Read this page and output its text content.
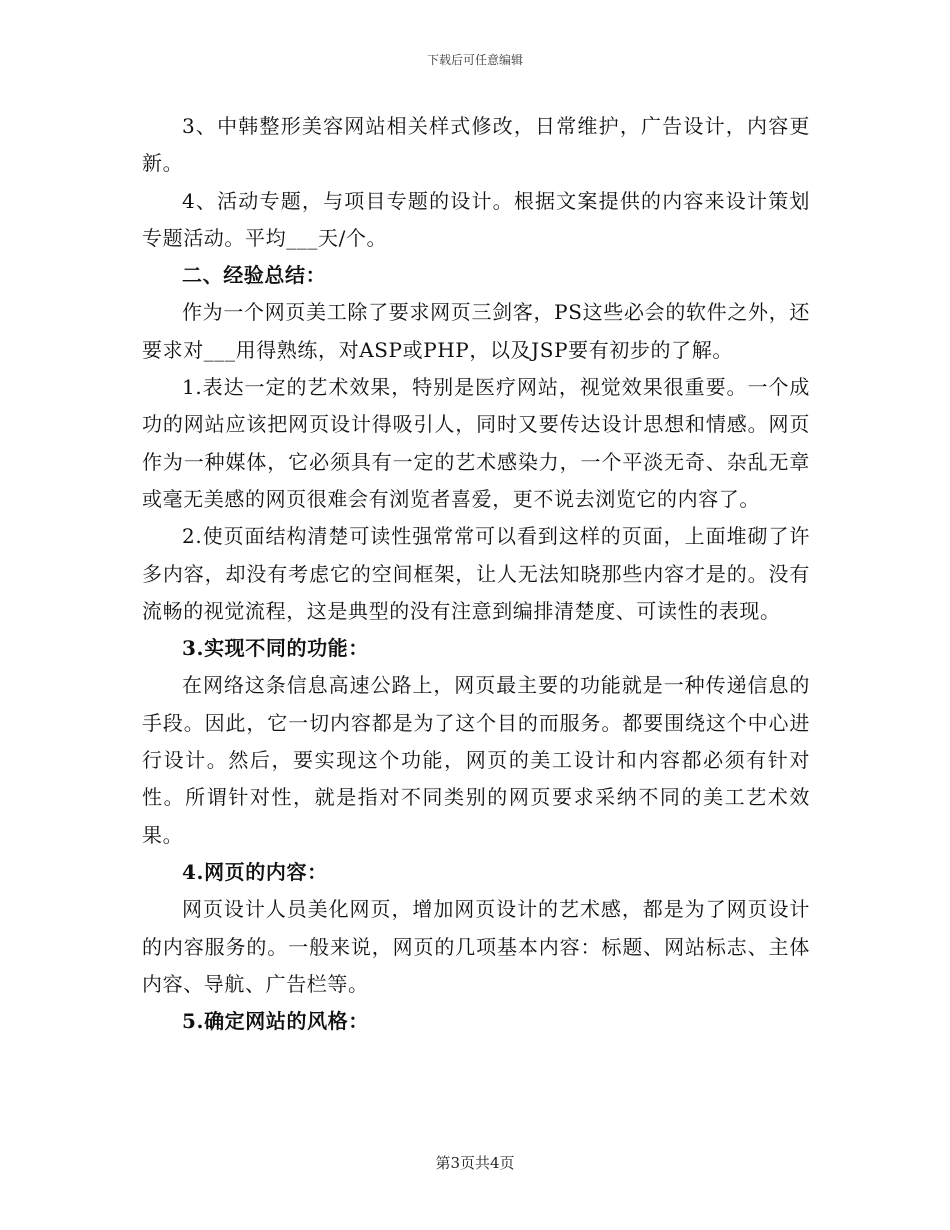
下载后可任意编辑

3、中韩整形美容网站相关样式修改，日常维护，广告设计，内容更新。

4、活动专题，与项目专题的设计。根据文案提供的内容来设计策划专题活动。平均___天/个。

二、经验总结：

作为一个网页美工除了要求网页三剑客，PS这些必会的软件之外，还要求对___用得熟练，对ASP或PHP，以及JSP要有初步的了解。

1.表达一定的艺术效果，特别是医疗网站，视觉效果很重要。一个成功的网站应该把网页设计得吸引人，同时又要传达设计思想和情感。网页作为一种媒体，它必须具有一定的艺术感染力，一个平淡无奇、杂乱无章或毫无美感的网页很难会有浏览者喜爱，更不说去浏览它的内容了。

2.使页面结构清楚可读性强常常可以看到这样的页面，上面堆砌了许多内容，却没有考虑它的空间框架，让人无法知晓那些内容才是的。没有流畅的视觉流程，这是典型的没有注意到编排清楚度、可读性的表现。

3.实现不同的功能：

在网络这条信息高速公路上，网页最主要的功能就是一种传递信息的手段。因此，它一切内容都是为了这个目的而服务。都要围绕这个中心进行设计。然后，要实现这个功能，网页的美工设计和内容都必须有针对性。所谓针对性，就是指对不同类别的网页要求采纳不同的美工艺术效果。

4.网页的内容：

网页设计人员美化网页，增加网页设计的艺术感，都是为了网页设计的内容服务的。一般来说，网页的几项基本内容：标题、网站标志、主体内容、导航、广告栏等。

5.确定网站的风格：

第3页共4页
